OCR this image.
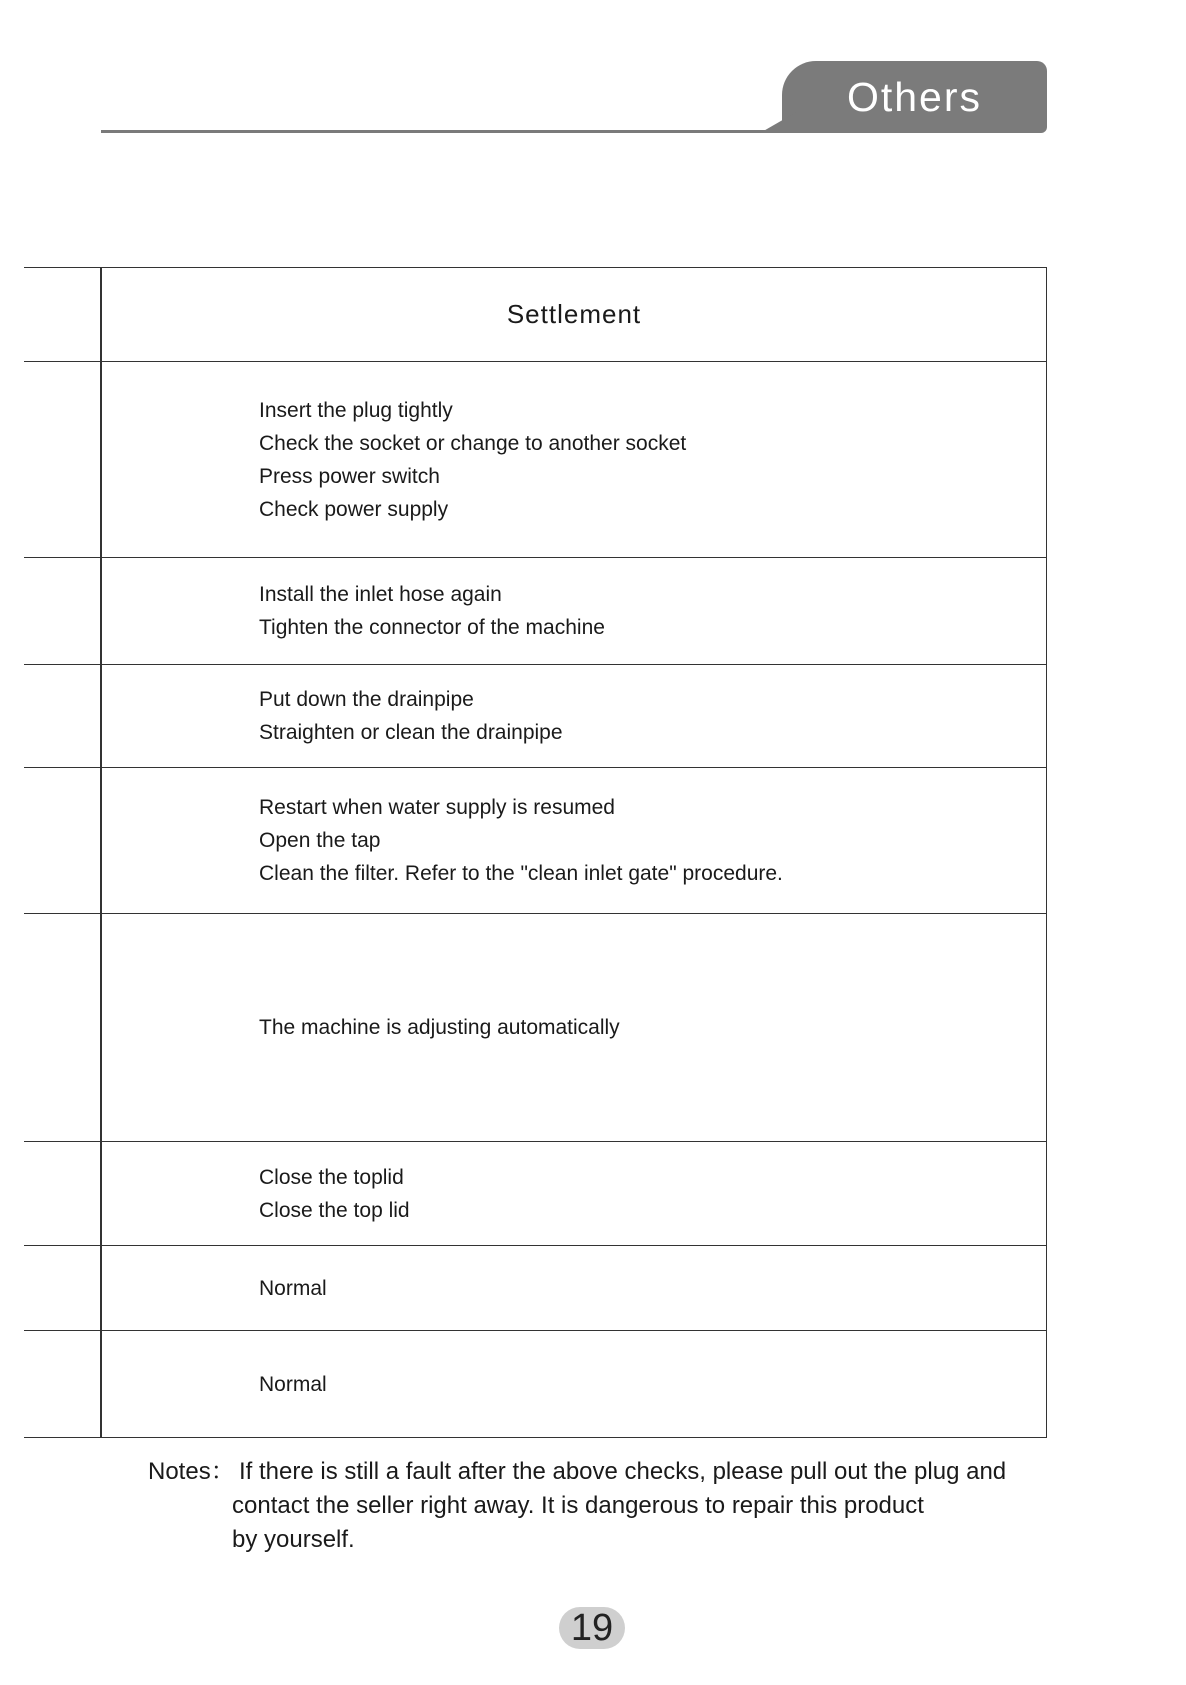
Others
Settlement
Insert the plug tightly
Check the socket or change to another socket
Press power switch
Check power supply
Install the inlet hose again
Tighten the connector of the machine
Put down the drainpipe
Straighten or clean the drainpipe
Restart when water supply is resumed
Open the tap
Clean the filter. Refer to the "clean inlet gate" procedure.
The machine is adjusting automatically
Close the toplid
Close the top lid
Normal
Normal
Notes： If there is still a fault after the above checks, please pull out the plug and
contact the seller right away. It is dangerous to repair this product
by yourself.
19
